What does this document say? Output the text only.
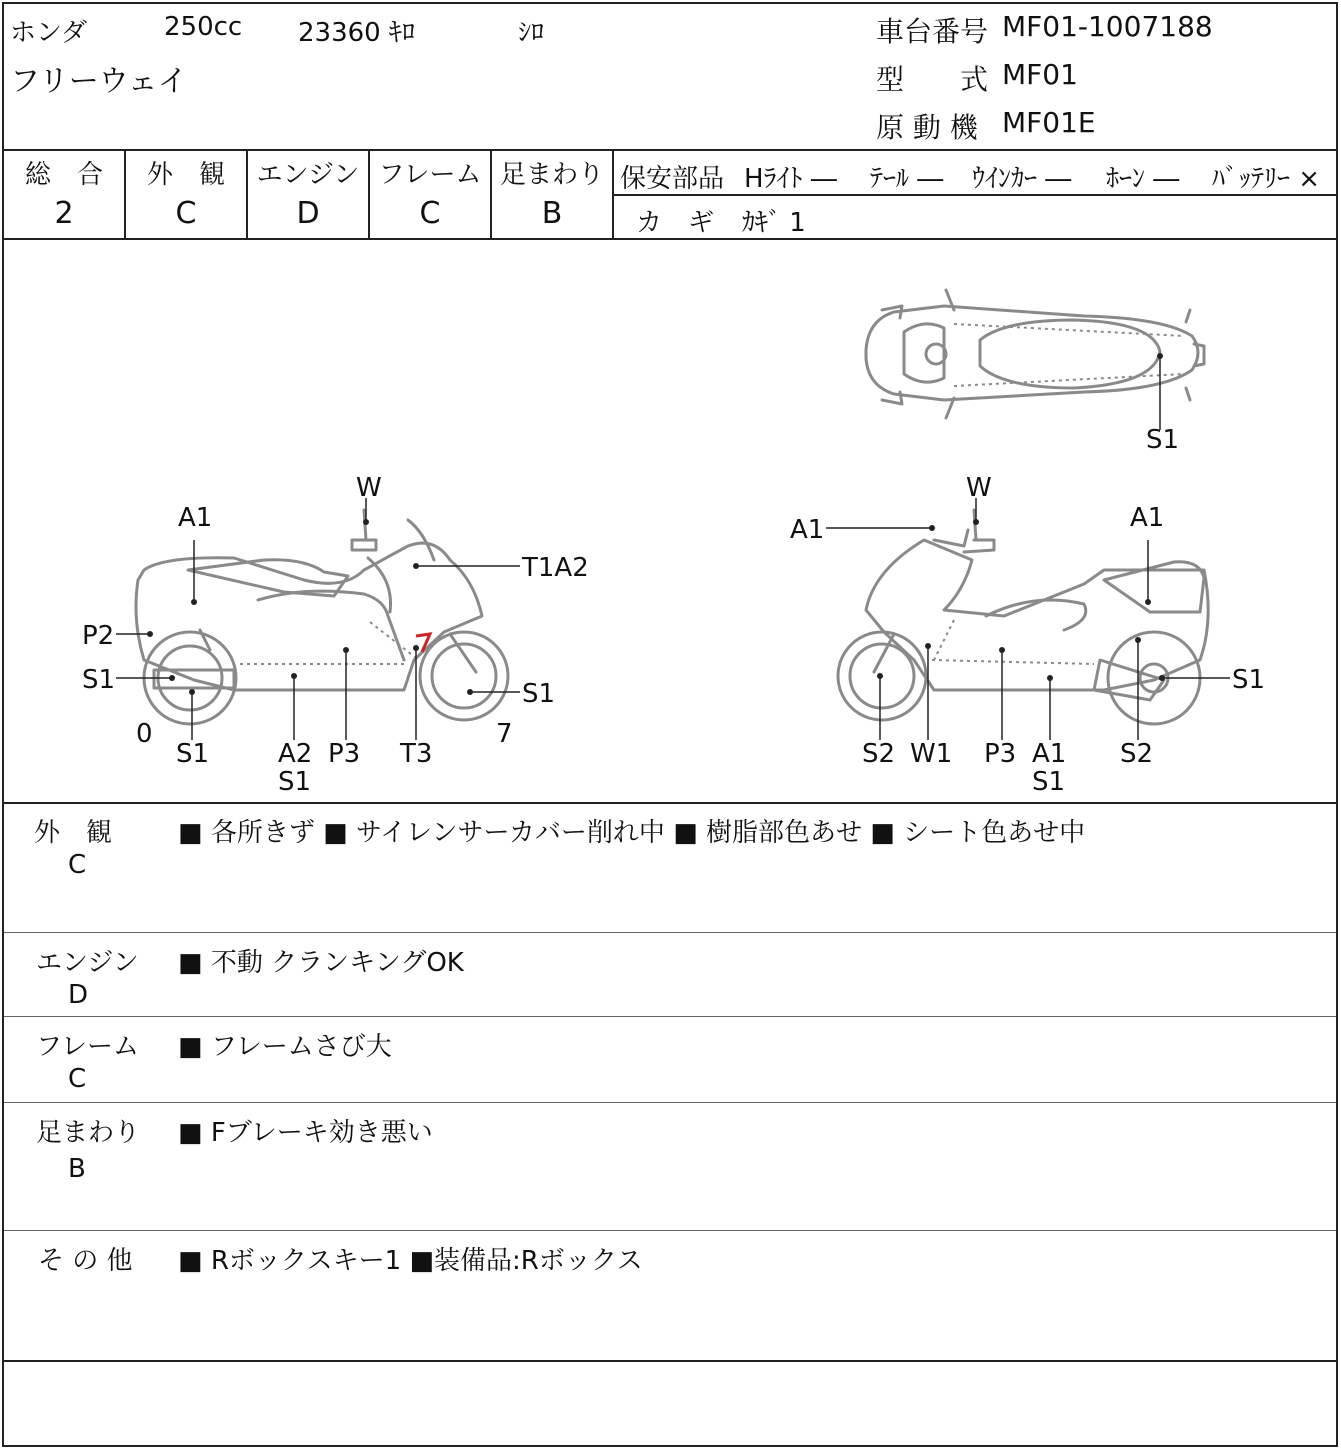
ホンダ	250cc 23360 ｷﾛ	ｼﾛ
フリーウェイ
車台番号 MF01-1007188
型　　式 MF01
原 動 機 MF01E
総　合
2
外　観
C
エンジン
D
フレーム
C
足まわり
B
保安部品 Hﾗｲﾄ ― ﾃｰﾙ ― ｳｲﾝｶｰ ― ﾎｰﾝ ― ﾊﾞｯﾃﾘｰ ×
カ　ギ ｶｷﾞ 1
S1
W
A1
T1A2
P2
S1	S1
0	7
S1	A2
S1
P3 T3
W
A1	A1
S1
S2 W1 P3 A1
S1
S2
外　観
C
■ 各所きず ■ サイレンサーカバー削れ中 ■ 樹脂部色あせ ■ シート色あせ中
エンジン
D
■ 不動 クランキングOK
フレーム
C
■ フレームさび大
足まわり
B
■ Fブレーキ効き悪い
そ の 他 ■ Rボックスキー1 ■装備品:Rボックス
